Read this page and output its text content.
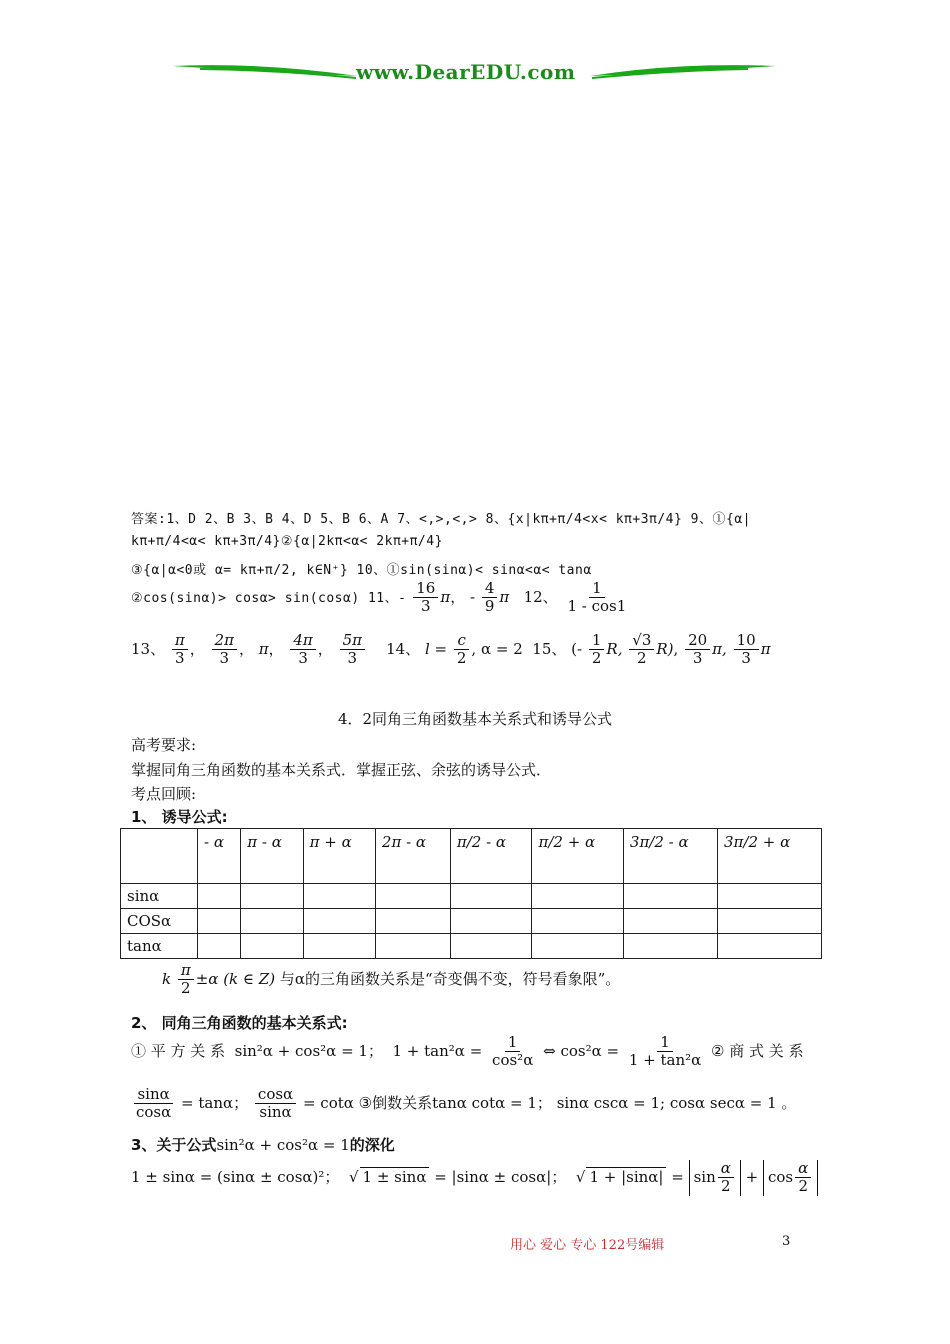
www.DearEDU.com
答案:1、D 2、B 3、B 4、D 5、B 6、A 7、<,>,<,> 8、{x|kπ+π/4<x< kπ+3π/4} 9、①{α|
kπ+π/4<α< kπ+3π/4}②{α|2kπ<α< 2kπ+π/4}
③{α|α<0或 α= kπ+π/2, k∈N⁺} 10、①sin(sinα)< sinα<α< tanα
②cos(sinα)> cosα> sin(cosα) 11、- $\frac{16}{3}$ π， - $\frac{4}{9}$ π 12、 $\frac{1}{1 - \cos 1}$
13、 $\frac{\pi}{3}$ ， $\frac{2\pi}{3}$ ， π， $\frac{4\pi}{3}$ ， $\frac{5\pi}{3} 14$、 $l = \frac{c}{2}$ , α = 2 15、 (- $\frac{1}{2} R$, $\frac{√3}{2} R$), $\frac{20}{3} \pi$, $\frac{10}{3}$ π
4．2同角三角函数基本关系式和诱导公式
高考要求:
掌握同角三角函数的基本关系式．掌握正弦、余弦的诱导公式．
考点回顾:
1、 诱导公式:
	- α	π - α	π + α	2π - α	π/2 - α	π/2 + α	3π/2 - α	3π/2 + α
sinα								
COSα								
tanα								
k $\frac{\pi}{2} \pm\alpha$ (k ∈ Z) 与α的三角函数关系是“奇变偶不变，符号看象限”。
2、 同角三角函数的基本关系式:
① 平 方 关 系 sin²α + cos²α = 1； $1 + \tan^2\alpha = \frac{1}{\text{cos²α}}$ ⇔ $\cos^2\alpha = \frac{1}{\text{1 + tan²α}}$ ② 商 式 关 系
$\frac{\sin\alpha}{\cos\alpha} = \tan\alpha$； $\frac{\cos\alpha}{\sin\alpha} = \cot\alpha$ ③倒数关系tanα cotα = 1； sinα cscα = 1; cosα secα = 1 。
3、关于公式sin²α + cos²α = 1的深化
1 ± sinα = (sinα ± cosα)²；  √ 1 ± sinα = |sinα ± cosα|；  √ $1 + |\sin\alpha| = \sin \frac{\alpha}{2} + \cos \frac{\alpha}{2}$
用心 爱心 专心 122号编辑	3
